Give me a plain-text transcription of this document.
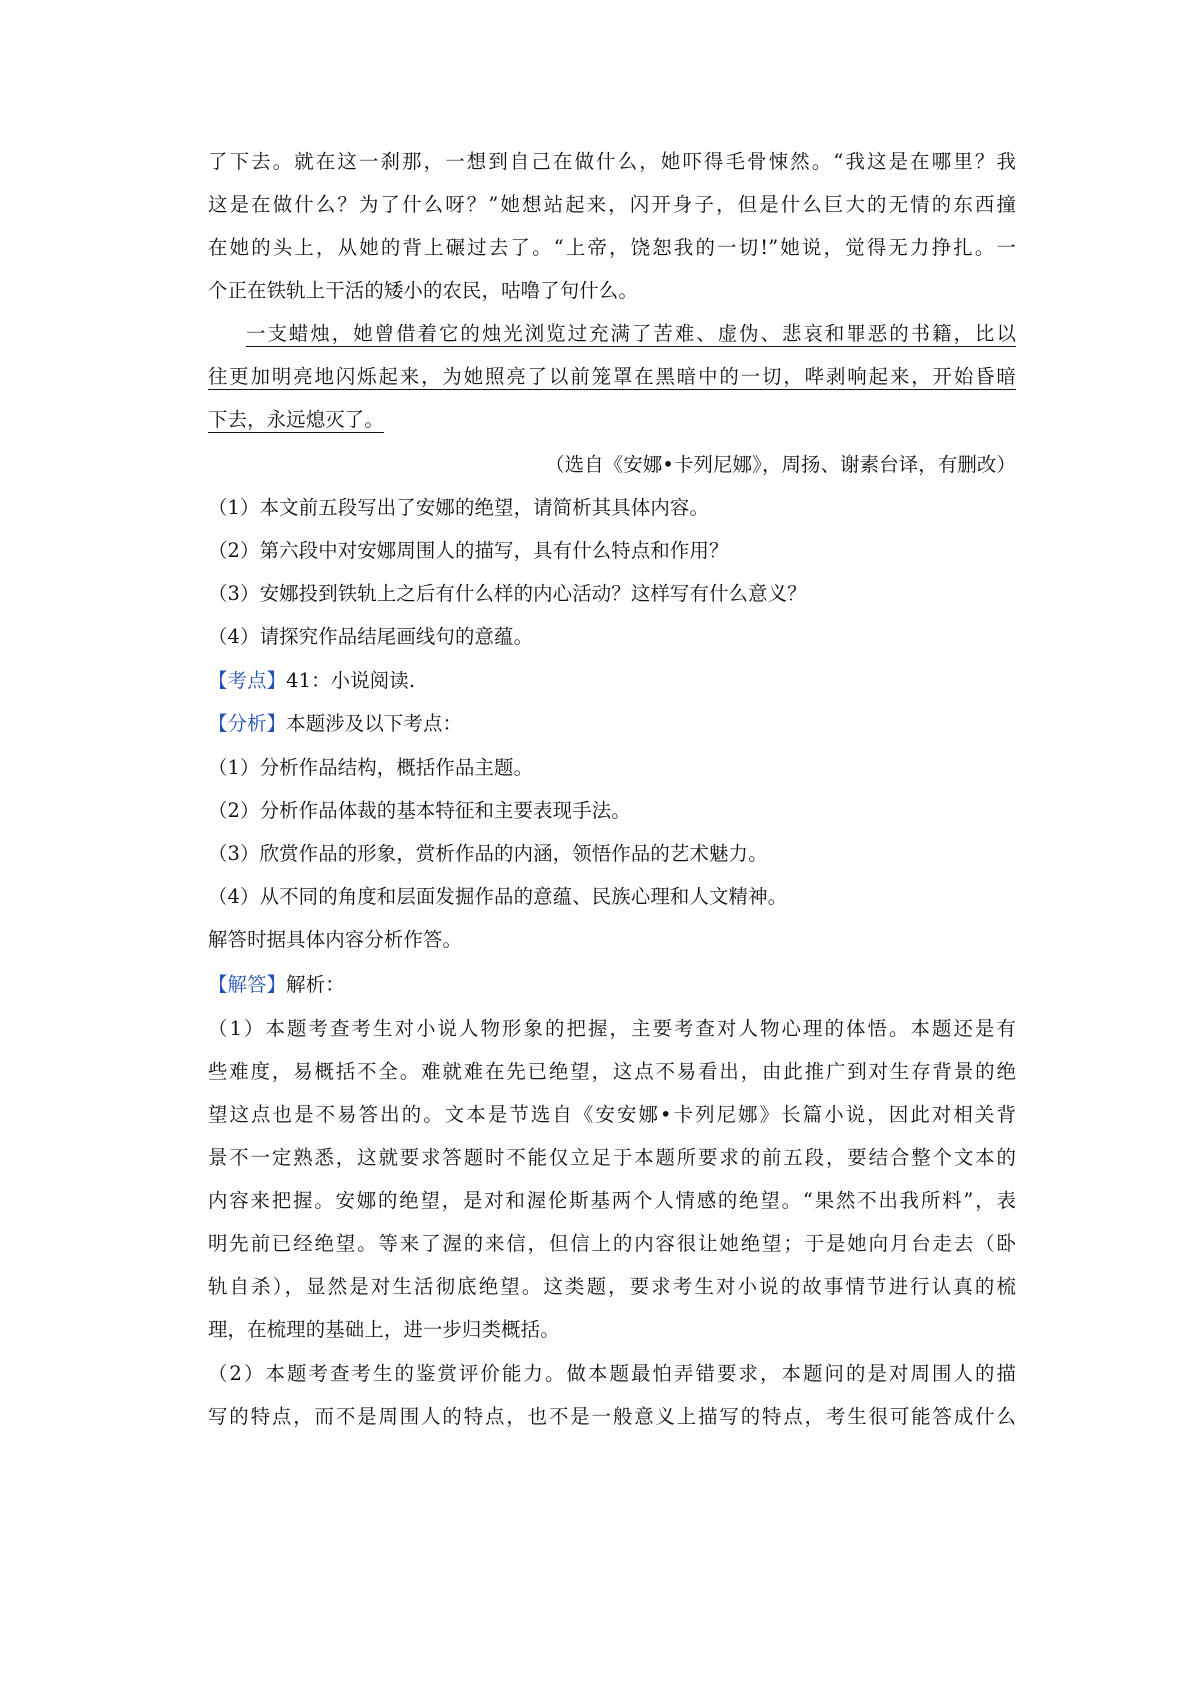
了下去。就在这一刹那，一想到自己在做什么，她吓得毛骨悚然。“我这是在哪里？我
这是在做什么？为了什么呀？”她想站起来，闪开身子，但是什么巨大的无情的东西撞
在她的头上，从她的背上碾过去了。“上帝，饶恕我的一切!”她说，觉得无力挣扎。一
个正在铁轨上干活的矮小的农民，咕噜了句什么。
一支蜡烛，她曾借着它的烛光浏览过充满了苦难、虚伪、悲哀和罪恶的书籍，比以
往更加明亮地闪烁起来，为她照亮了以前笼罩在黑暗中的一切，哔剥响起来，开始昏暗
下去，永远熄灭了。
（选自《安娜•卡列尼娜》，周扬、谢素台译，有删改）
（1）本文前五段写出了安娜的绝望，请简析其具体内容。
（2）第六段中对安娜周围人的描写，具有什么特点和作用？
（3）安娜投到铁轨上之后有什么样的内心活动？这样写有什么意义？
（4）请探究作品结尾画线句的意蕴。
【考点】41：小说阅读.
【分析】本题涉及以下考点：
（1）分析作品结构，概括作品主题。
（2）分析作品体裁的基本特征和主要表现手法。
（3）欣赏作品的形象，赏析作品的内涵，领悟作品的艺术魅力。
（4）从不同的角度和层面发掘作品的意蕴、民族心理和人文精神。
解答时据具体内容分析作答。
【解答】解析：
（1）本题考查考生对小说人物形象的把握，主要考查对人物心理的体悟。本题还是有
些难度，易概括不全。难就难在先已绝望，这点不易看出，由此推广到对生存背景的绝
望这点也是不易答出的。文本是节选自《安安娜•卡列尼娜》长篇小说，因此对相关背
景不一定熟悉，这就要求答题时不能仅立足于本题所要求的前五段，要结合整个文本的
内容来把握。安娜的绝望，是对和渥伦斯基两个人情感的绝望。“果然不出我所料”，表
明先前已经绝望。等来了渥的来信，但信上的内容很让她绝望；于是她向月台走去（卧
轨自杀），显然是对生活彻底绝望。这类题，要求考生对小说的故事情节进行认真的梳
理，在梳理的基础上，进一步归类概括。
（2）本题考查考生的鉴赏评价能力。做本题最怕弄错要求，本题问的是对周围人的描
写的特点，而不是周围人的特点，也不是一般意义上描写的特点，考生很可能答成什么
